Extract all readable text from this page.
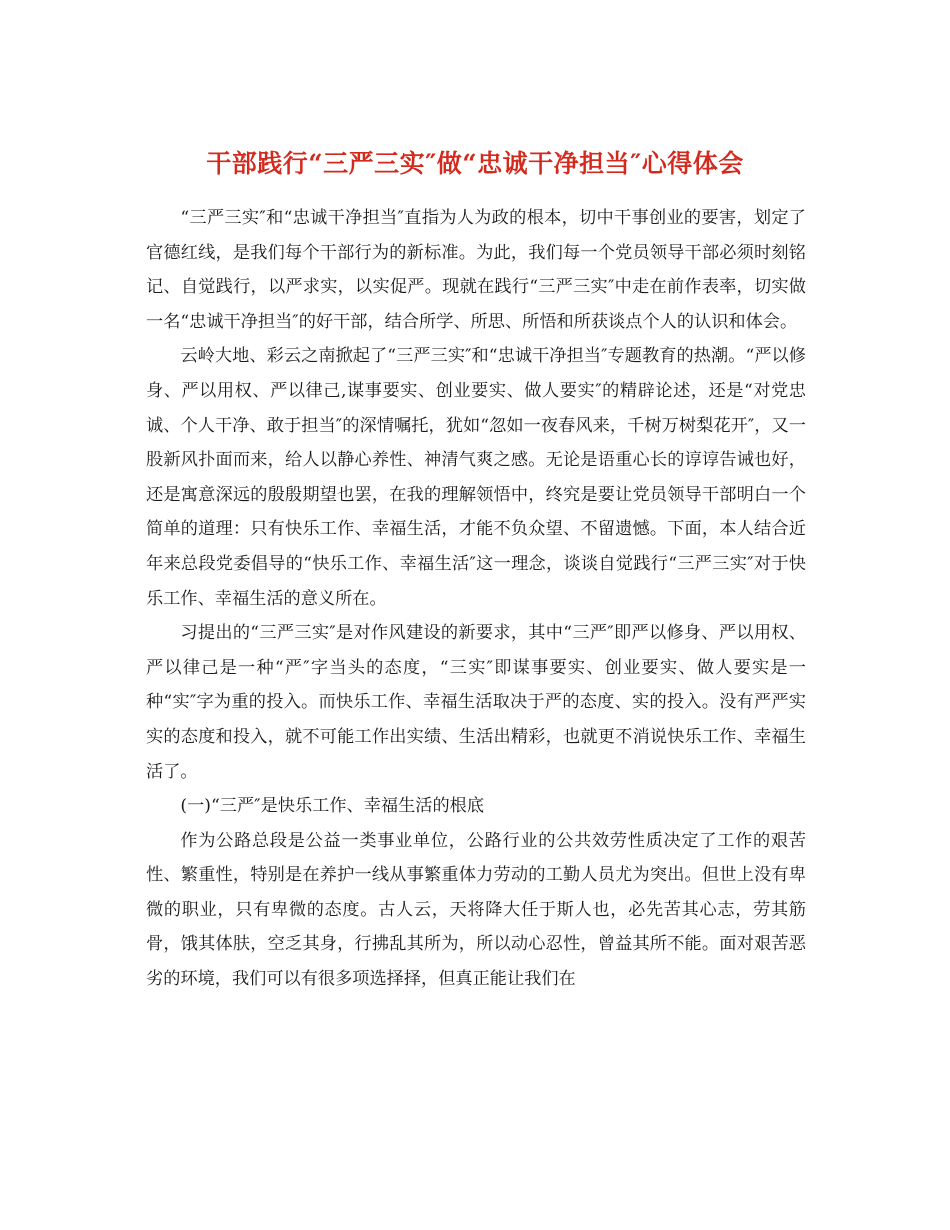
干部践行“三严三实″做“忠诚干净担当″心得体会

“三严三实″和“忠诚干净担当″直指为人为政的根本，切中干事创业的要害，划定了官德红线，是我们每个干部行为的新标准。为此，我们每一个党员领导干部必须时刻铭记、自觉践行，以严求实，以实促严。现就在践行“三严三实″中走在前作表率，切实做一名“忠诚干净担当″的好干部，结合所学、所思、所悟和所获谈点个人的认识和体会。

云岭大地、彩云之南掀起了“三严三实″和“忠诚干净担当″专题教育的热潮。“严以修身、严以用权、严以律己,谋事要实、创业要实、做人要实″的精辟论述，还是“对党忠诚、个人干净、敢于担当″的深情嘱托，犹如“忽如一夜春风来，千树万树梨花开″，又一股新风扑面而来，给人以静心养性、神清气爽之感。无论是语重心长的谆谆告诫也好，还是寓意深远的殷殷期望也罢，在我的理解领悟中，终究是要让党员领导干部明白一个简单的道理：只有快乐工作、幸福生活，才能不负众望、不留遗憾。下面，本人结合近年来总段党委倡导的“快乐工作、幸福生活″这一理念，谈谈自觉践行“三严三实″对于快乐工作、幸福生活的意义所在。

习提出的“三严三实″是对作风建设的新要求，其中“三严″即严以修身、严以用权、严以律己是一种“严″字当头的态度，“三实″即谋事要实、创业要实、做人要实是一种“实″字为重的投入。而快乐工作、幸福生活取决于严的态度、实的投入。没有严严实实的态度和投入，就不可能工作出实绩、生活出精彩，也就更不消说快乐工作、幸福生活了。

(一)“三严″是快乐工作、幸福生活的根底

作为公路总段是公益一类事业单位，公路行业的公共效劳性质决定了工作的艰苦性、繁重性，特别是在养护一线从事繁重体力劳动的工勤人员尤为突出。但世上没有卑微的职业，只有卑微的态度。古人云，天将降大任于斯人也，必先苦其心志，劳其筋骨，饿其体肤，空乏其身，行拂乱其所为，所以动心忍性，曾益其所不能。面对艰苦恶劣的环境，我们可以有很多项选择择，但真正能让我们在
